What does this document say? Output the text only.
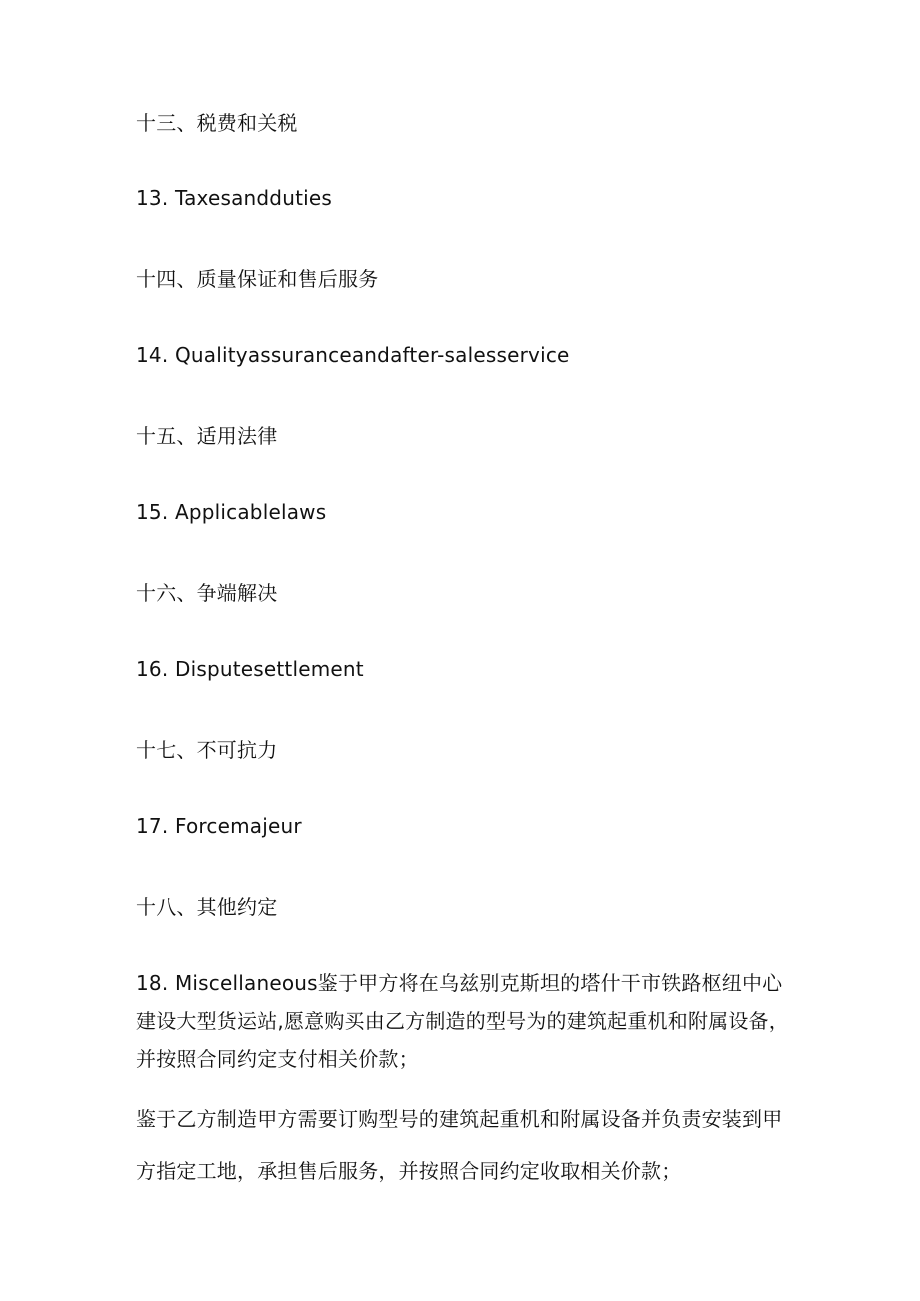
十三、税费和关税
13. Taxesandduties
十四、质量保证和售后服务
14. Qualityassuranceandafter-salesservice
十五、适用法律
15. Applicablelaws
十六、争端解决
16. Disputesettlement
十七、不可抗力
17. Forcemajeur
十八、其他约定
18. Miscellaneous鉴于甲方将在乌兹别克斯坦的塔什干市铁路枢纽中心
建设大型货运站,愿意购买由乙方制造的型号为的建筑起重机和附属设备，
并按照合同约定支付相关价款；
鉴于乙方制造甲方需要订购型号的建筑起重机和附属设备并负责安装到甲
方指定工地，承担售后服务，并按照合同约定收取相关价款；
